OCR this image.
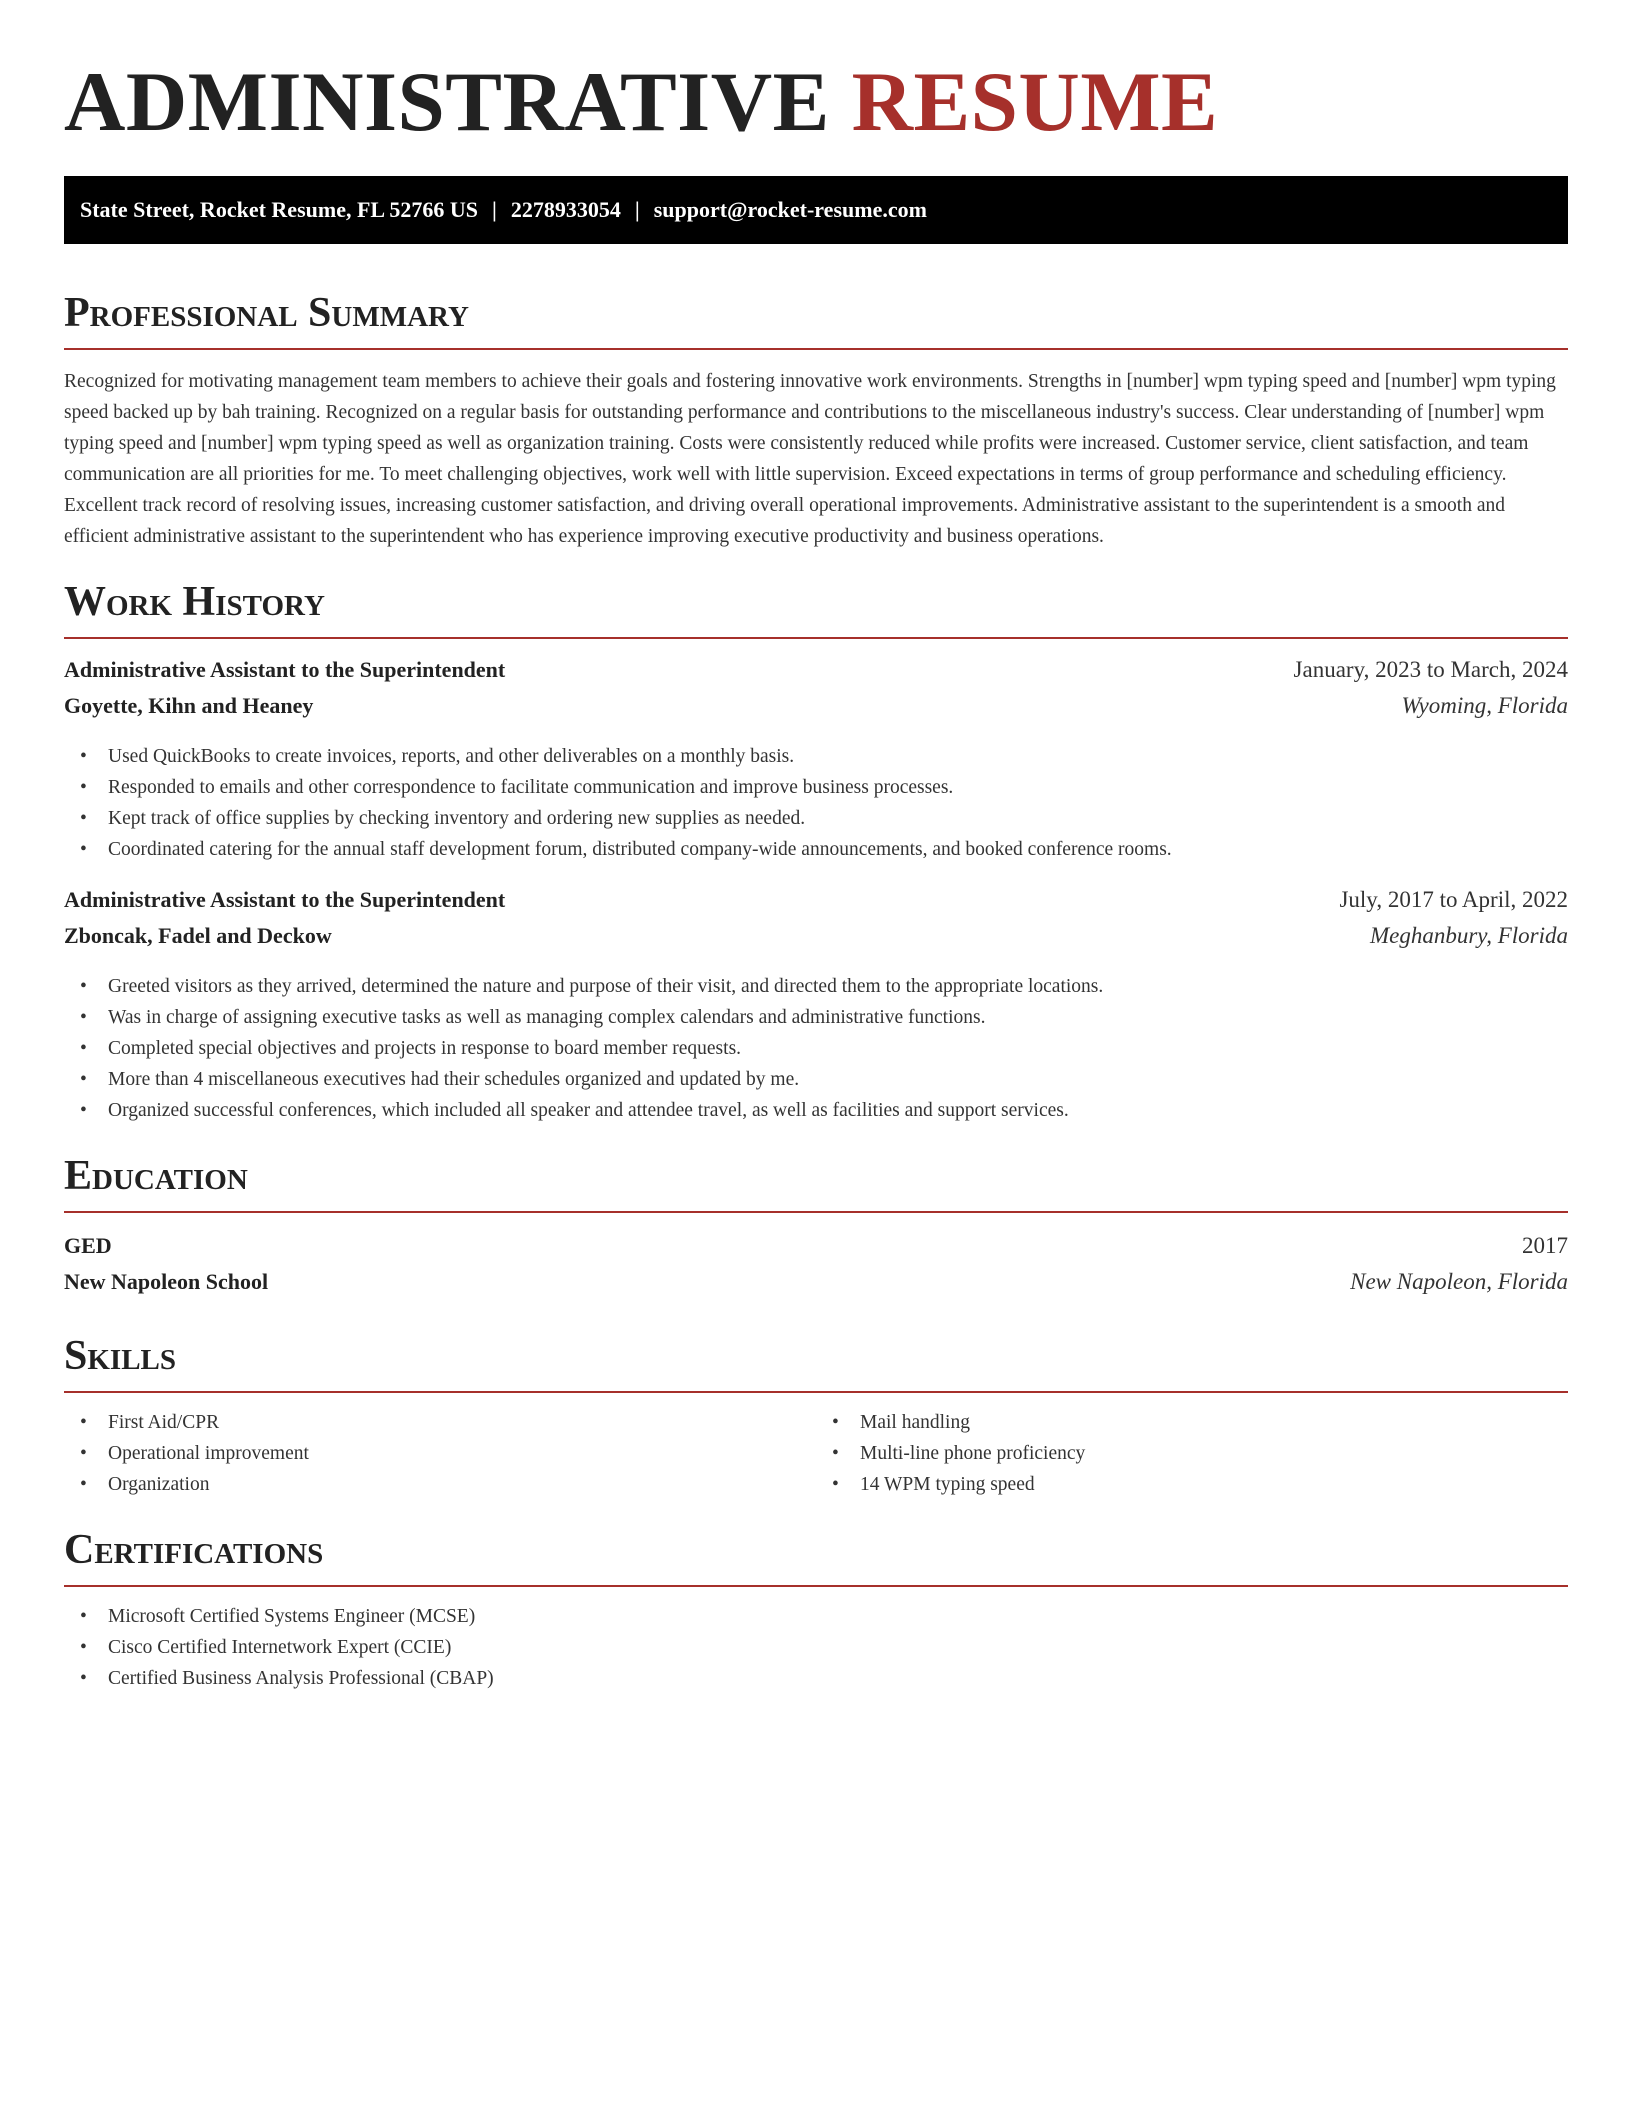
ADMINISTRATIVE RESUME
State Street, Rocket Resume, FL 52766 US | 2278933054 | support@rocket-resume.com
Professional Summary

Recognized for motivating management team members to achieve their goals and fostering innovative work environments. Strengths in [number] wpm typing speed and [number] wpm typing speed backed up by bah training. Recognized on a regular basis for outstanding performance and contributions to the miscellaneous industry's success. Clear understanding of [number] wpm typing speed and [number] wpm typing speed as well as organization training. Costs were consistently reduced while profits were increased. Customer service, client satisfaction, and team communication are all priorities for me. To meet challenging objectives, work well with little supervision. Exceed expectations in terms of group performance and scheduling efficiency. Excellent track record of resolving issues, increasing customer satisfaction, and driving overall operational improvements. Administrative assistant to the superintendent is a smooth and efficient administrative assistant to the superintendent who has experience improving executive productivity and business operations.

Work History
Administrative Assistant to the Superintendent	January, 2023 to March, 2024
Goyette, Kihn and Heaney	Wyoming, Florida
• Used QuickBooks to create invoices, reports, and other deliverables on a monthly basis.
• Responded to emails and other correspondence to facilitate communication and improve business processes.
• Kept track of office supplies by checking inventory and ordering new supplies as needed.
• Coordinated catering for the annual staff development forum, distributed company-wide announcements, and booked conference rooms.
Administrative Assistant to the Superintendent	July, 2017 to April, 2022
Zboncak, Fadel and Deckow	Meghanbury, Florida
• Greeted visitors as they arrived, determined the nature and purpose of their visit, and directed them to the appropriate locations.
• Was in charge of assigning executive tasks as well as managing complex calendars and administrative functions.
• Completed special objectives and projects in response to board member requests.
• More than 4 miscellaneous executives had their schedules organized and updated by me.
• Organized successful conferences, which included all speaker and attendee travel, as well as facilities and support services.
Education
GED	2017
New Napoleon School	New Napoleon, Florida
Skills
• First Aid/CPR
• Operational improvement
• Organization
• Mail handling
• Multi-line phone proficiency
• 14 WPM typing speed
Certifications
• Microsoft Certified Systems Engineer (MCSE)
• Cisco Certified Internetwork Expert (CCIE)
• Certified Business Analysis Professional (CBAP)
